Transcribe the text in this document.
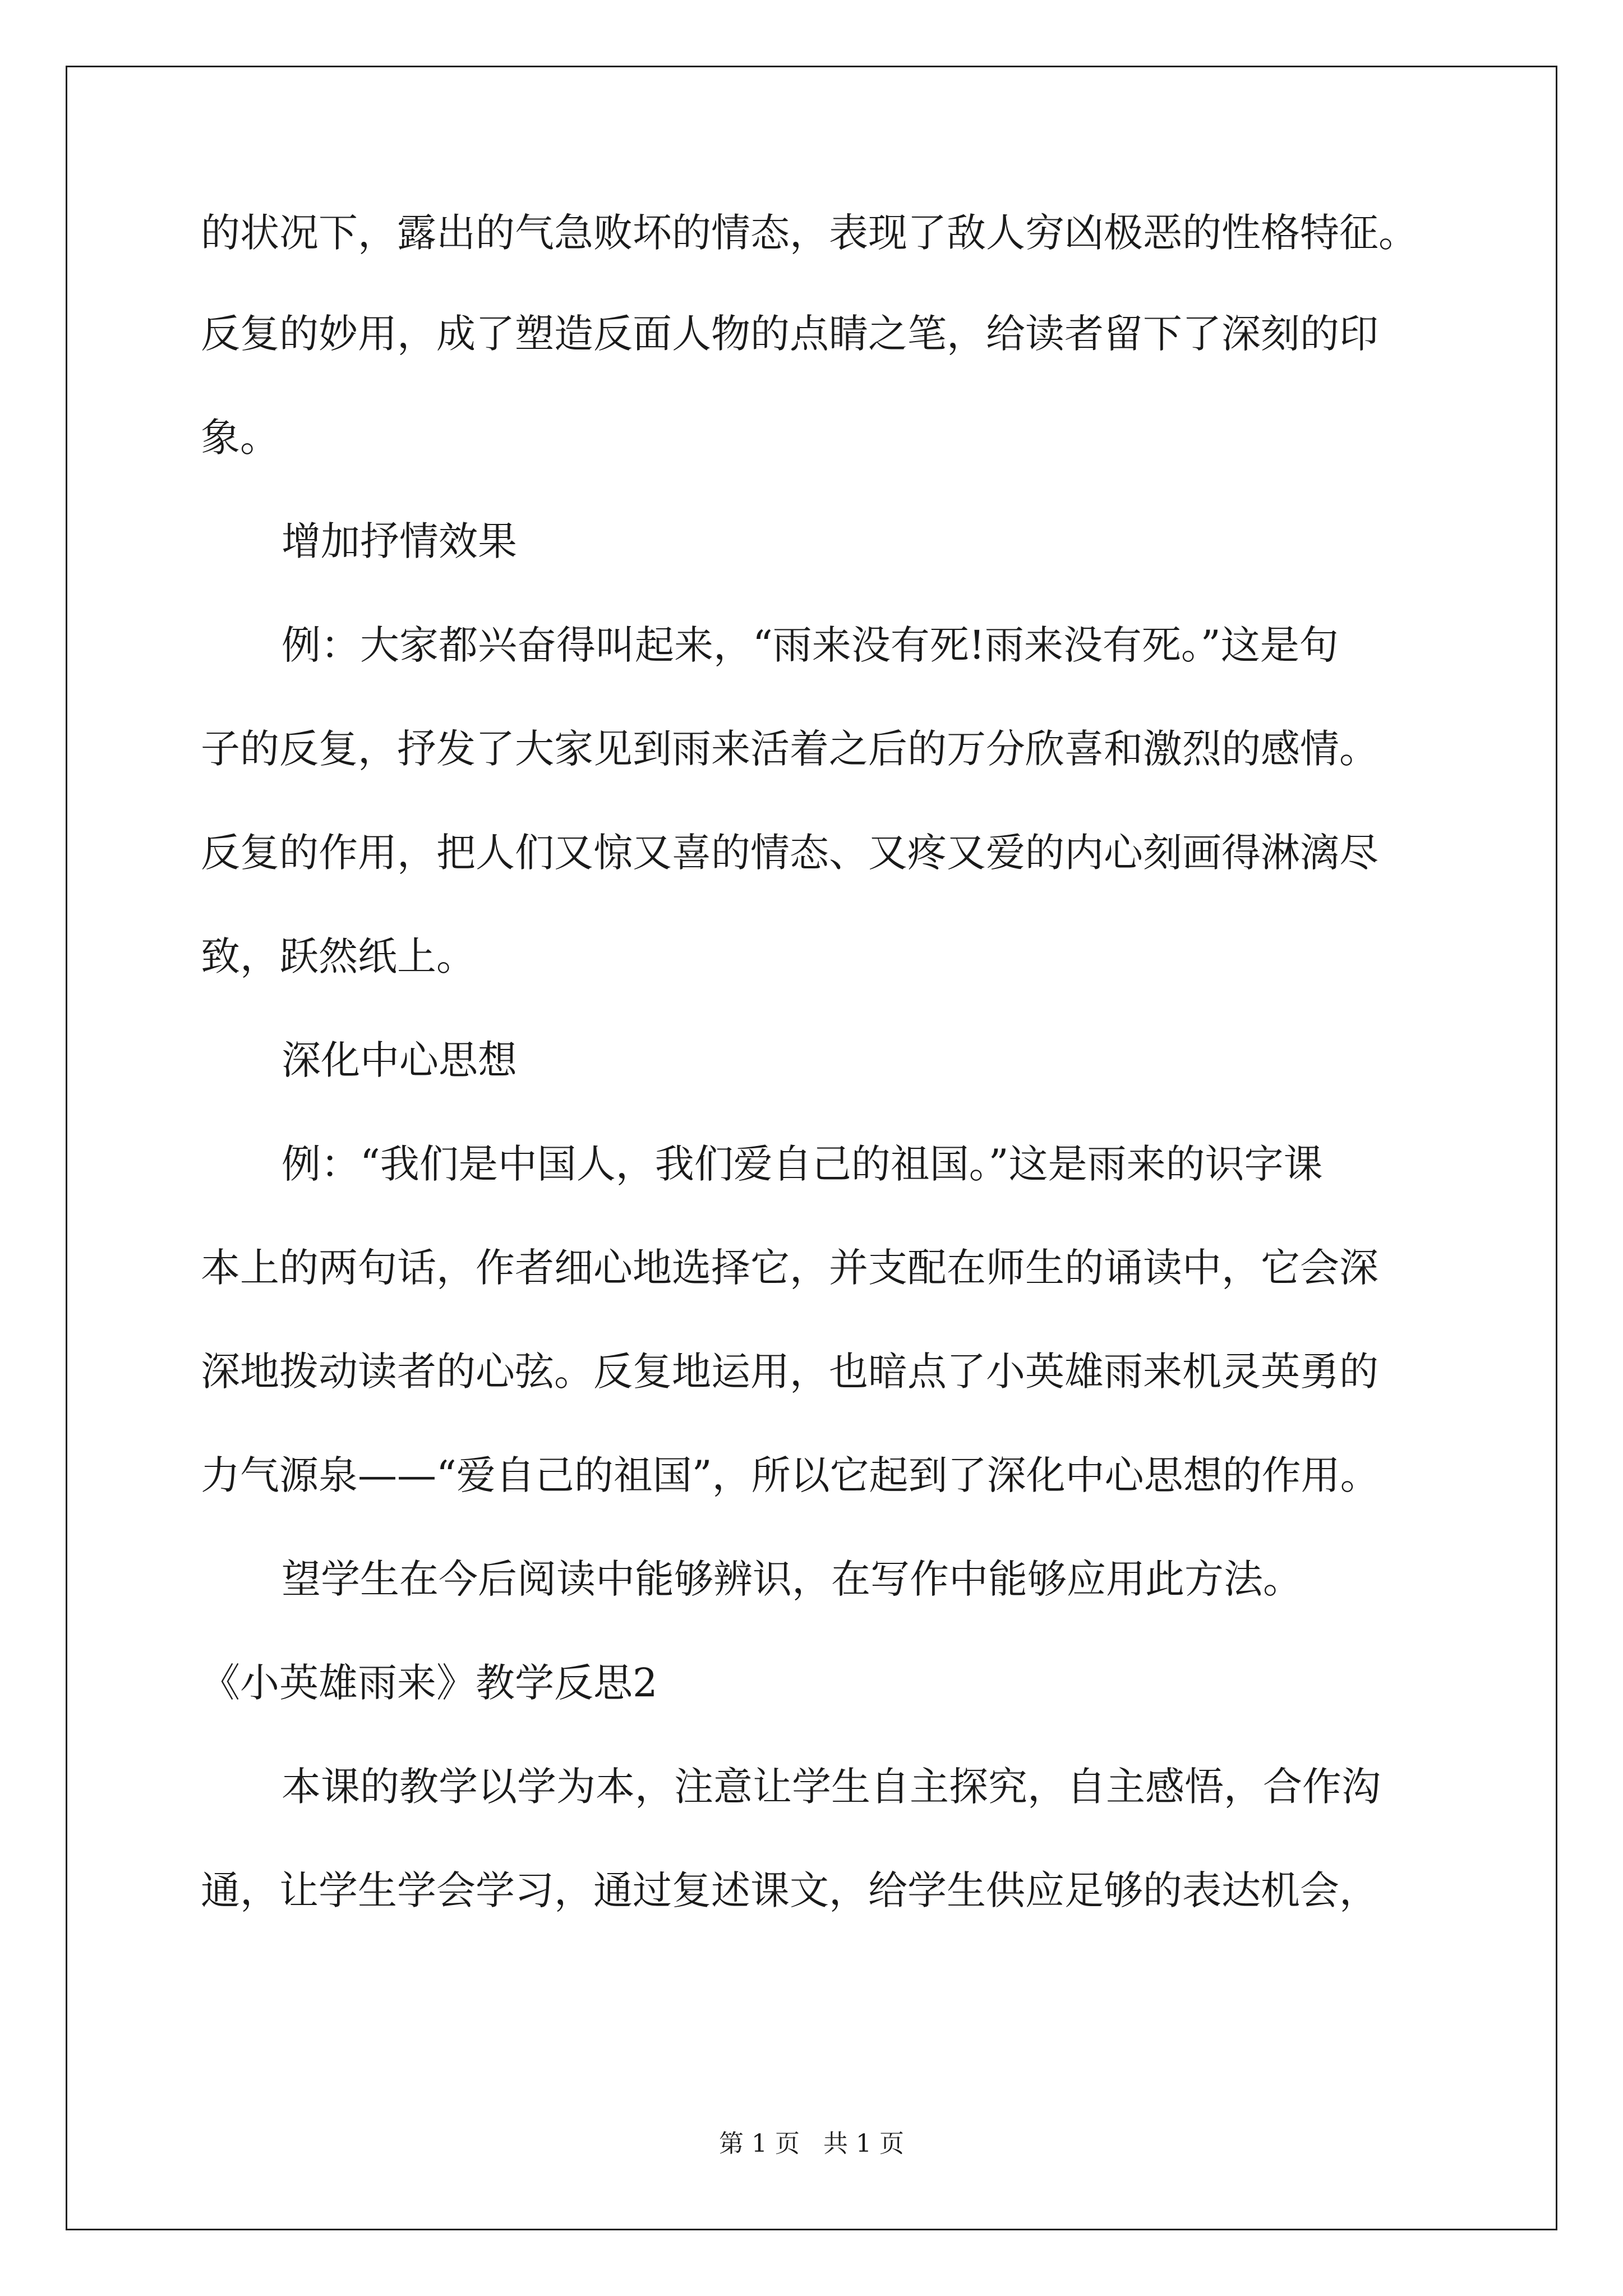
的状况下，露出的气急败坏的情态，表现了敌人穷凶极恶的性格特征。
反复的妙用，成了塑造反面人物的点睛之笔，给读者留下了深刻的印
象。
增加抒情效果
例：大家都兴奋得叫起来，“雨来没有死!雨来没有死。”这是句
子的反复，抒发了大家见到雨来活着之后的万分欣喜和激烈的感情。
反复的作用，把人们又惊又喜的情态、又疼又爱的内心刻画得淋漓尽
致，跃然纸上。
深化中心思想
例：“我们是中国人，我们爱自己的祖国。”这是雨来的识字课
本上的两句话，作者细心地选择它，并支配在师生的诵读中，它会深
深地拨动读者的心弦。反复地运用，也暗点了小英雄雨来机灵英勇的
力气源泉——“爱自己的祖国”，所以它起到了深化中心思想的作用。
望学生在今后阅读中能够辨识，在写作中能够应用此方法。
《小英雄雨来》教学反思2
本课的教学以学为本，注意让学生自主探究，自主感悟，合作沟
通，让学生学会学习，通过复述课文，给学生供应足够的表达机会，
第 1 页   共 1 页
